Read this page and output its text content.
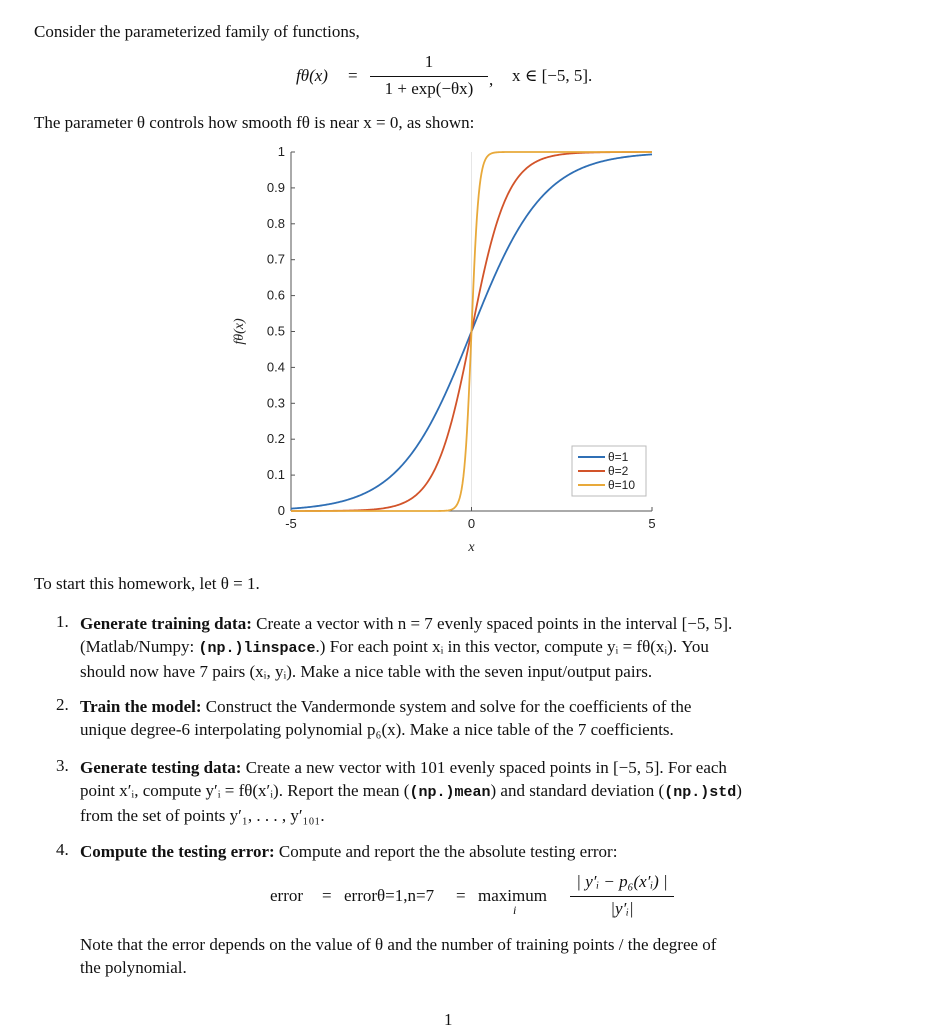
Consider the parameterized family of functions,
fθ(x) =
1
1 + exp(−θx) , x ∈ [−5, 5].
The parameter θ controls how smooth fθ is near x = 0, as shown:
0
0.1
0.2
0.3
0.4
0.5
0.6
0.7
0.8
0.9
1
-5	0	5
x
fθ(x)
θ=1
θ=2
θ=10
To start this homework, let θ = 1.
1. Generate training data: Create a vector with n = 7 evenly spaced points in the interval [−5, 5].
(Matlab/Numpy: (np.)linspace.) For each point xᵢ in this vector, compute yᵢ = fθ(xᵢ). You
should now have 7 pairs (xᵢ, yᵢ). Make a nice table with the seven input/output pairs.
2. Train the model: Construct the Vandermonde system and solve for the coefficients of the
unique degree-6 interpolating polynomial p₆(x). Make a nice table of the 7 coefficients.
3. Generate testing data: Create a new vector with 101 evenly spaced points in [−5, 5]. For each
point x′ᵢ, compute y′ᵢ = fθ(x′ᵢ). Report the mean ((np.)mean) and standard deviation ((np.)std)
from the set of points y′₁, . . . , y′₁₀₁.
4. Compute the testing error: Compute and report the the absolute testing error:
error = errorθ=1,n=7 = maximum
i
| y′ᵢ − p₆(x′ᵢ) |
|y′ᵢ|
Note that the error depends on the value of θ and the number of training points / the degree of
the polynomial.
1
